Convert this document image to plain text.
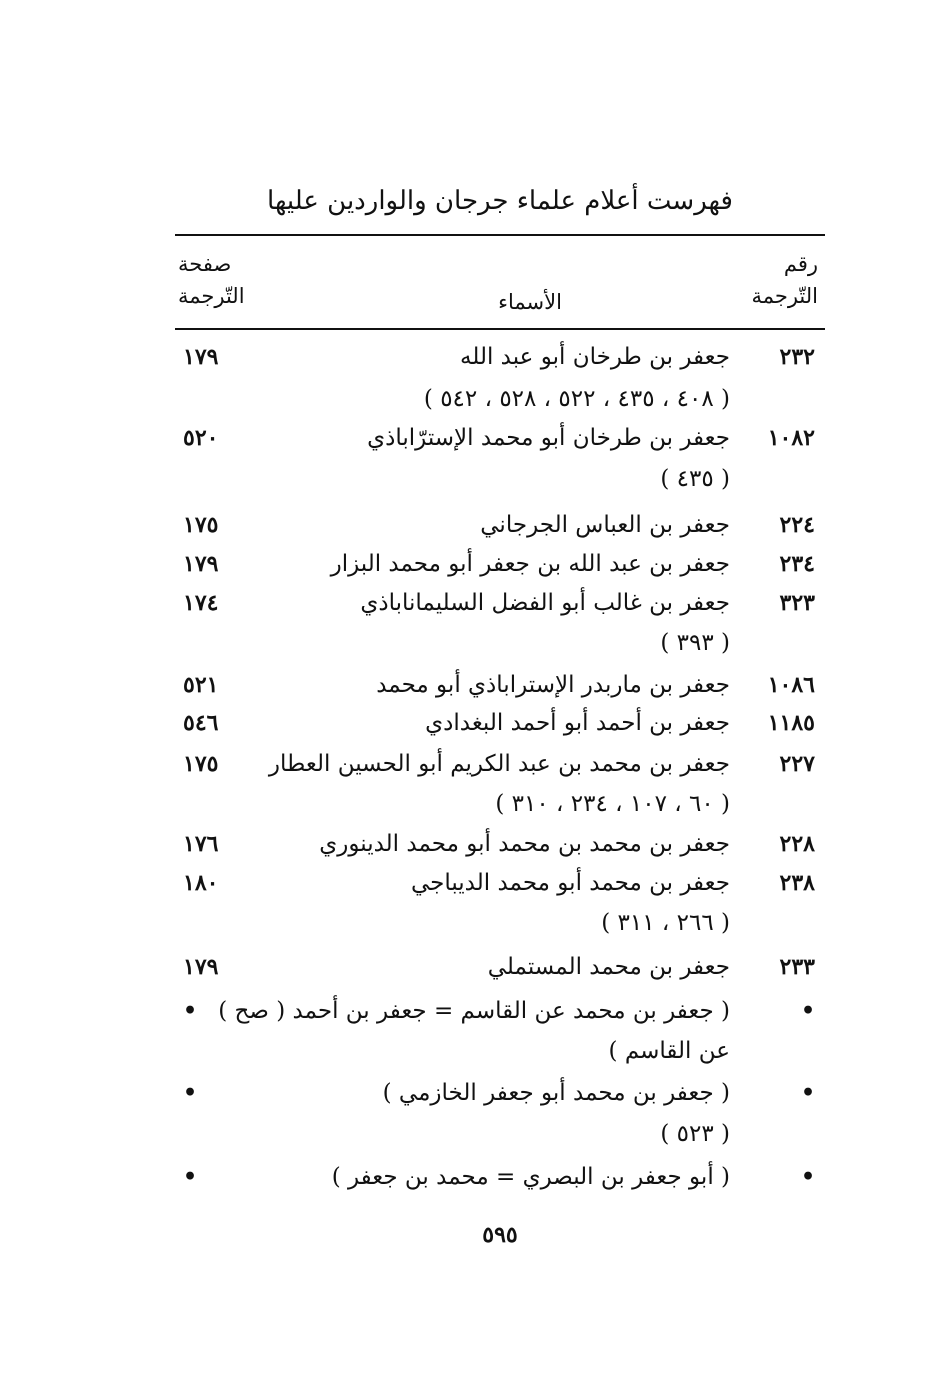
فهرست أعلام علماء جرجان والواردين عليها
رقم
التّرجمة
الأسماء
صفحة
التّرجمة
٢٣٢
جعفر بن طرخان أبو عبد الله
١٧٩
( ٤٠٨ ، ٤٣٥ ، ٥٢٢ ، ٥٢٨ ، ٥٤٢ )
١٠٨٢
جعفر بن طرخان أبو محمد الإسترّاباذي
٥٢٠
( ٤٣٥ )
٢٢٤
جعفر بن العباس الجرجاني
١٧٥
٢٣٤
جعفر بن عبد الله بن جعفر أبو محمد البزار
١٧٩
٣٢٣
جعفر بن غالب أبو الفضل السليماناباذي
١٧٤
( ٣٩٣ )
١٠٨٦
جعفر بن ماربدر الإستراباذي أبو محمد
٥٢١
١١٨٥
جعفر بن أحمد أبو أحمد البغدادي
٥٤٦
٢٢٧
جعفر بن محمد بن عبد الكريم أبو الحسين العطار
١٧٥
( ٦٠ ، ١٠٧ ، ٢٣٤ ، ٣١٠ )
٢٢٨
جعفر بن محمد بن محمد أبو محمد الدينوري
١٧٦
٢٣٨
جعفر بن محمد أبو محمد الديباجي
١٨٠
( ٢٦٦ ، ٣١١ )
٢٣٣
جعفر بن محمد المستملي
١٧٩
•
( جعفر بن محمد عن القاسم = جعفر بن أحمد ( صح )
•
عن القاسم )
•
( جعفر بن محمد أبو جعفر الخازمي )
•
( ٥٢٣ )
•
( أبو جعفر بن البصري = محمد بن جعفر )
•
٥٩٥
